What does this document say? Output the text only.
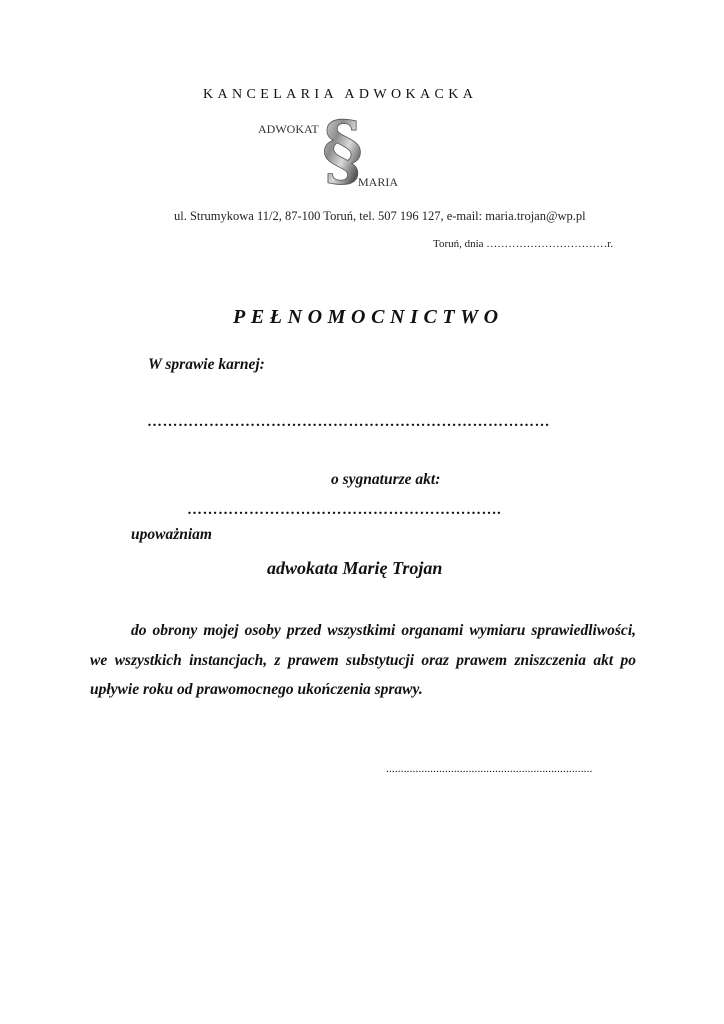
KANCELARIA ADWOKACKA
§
ADWOKAT
MARIA
ul. Strumykowa 11/2, 87-100 Toruń, tel. 507 196 127, e-mail: maria.trojan@wp.pl
Toruń, dnia ……………………………r.
PEŁNOMOCNICTWO
W sprawie karnej:
……………………………………………………………………
o sygnaturze akt:
…………………………………………………….
upoważniam
adwokata Marię Trojan

do obrony mojej osoby przed wszystkimi organami wymiaru sprawiedliwości, we wszystkich instancjach, z prawem substytucji oraz prawem zniszczenia akt po upływie roku od prawomocnego ukończenia sprawy.

......................................................................
